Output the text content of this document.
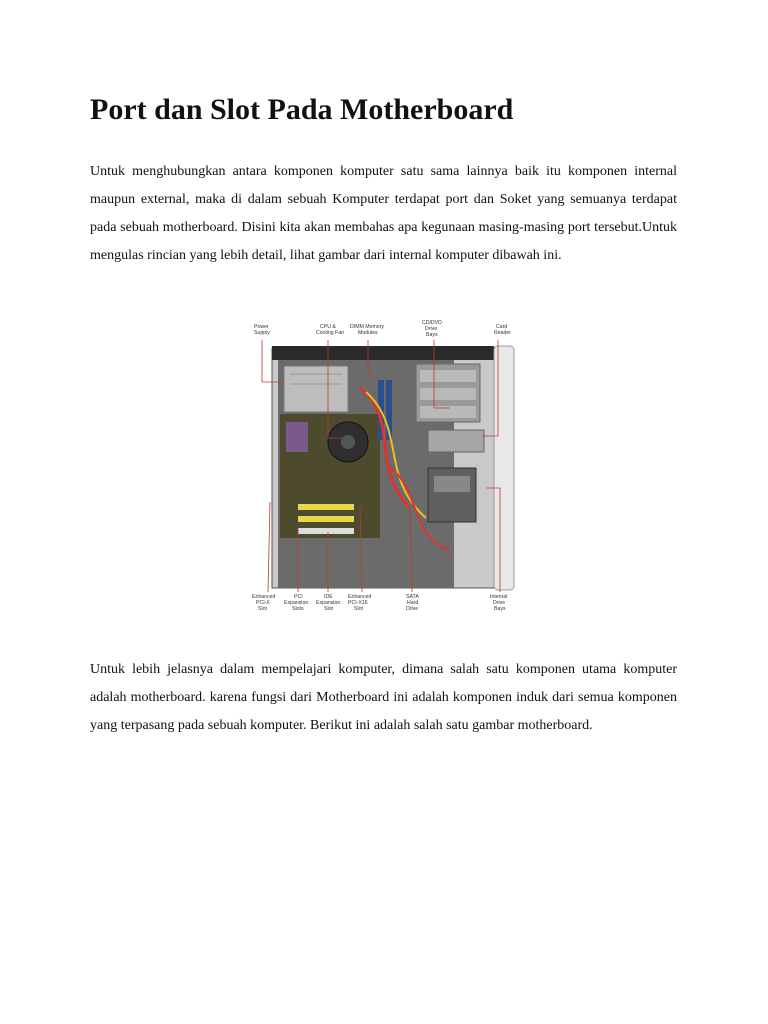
Port dan Slot Pada Motherboard

Untuk menghubungkan antara komponen komputer satu sama lainnya baik itu komponen internal maupun external, maka di dalam sebuah Komputer terdapat port dan Soket yang semuanya terdapat pada sebuah motherboard. Disini kita akan membahas apa kegunaan masing-masing port tersebut.Untuk mengulas rincian yang lebih detail, lihat gambar dari internal komputer dibawah ini.

Power Supply
CPU & Cooling Fan
DIMM Memory Modules
CD/DVD Drive Bays
Card Reader
Enhanced PCI-X Slot
PCI Expansion Slots
IDE Expansion Slot
Enhanced PCI-X16 Slot
SATA Hard Drive
Internal Drive Bays

Untuk lebih jelasnya dalam mempelajari komputer, dimana salah satu komponen utama komputer adalah motherboard. karena fungsi dari Motherboard ini adalah komponen induk dari semua komponen yang terpasang pada sebuah komputer. Berikut ini adalah salah satu gambar motherboard.
